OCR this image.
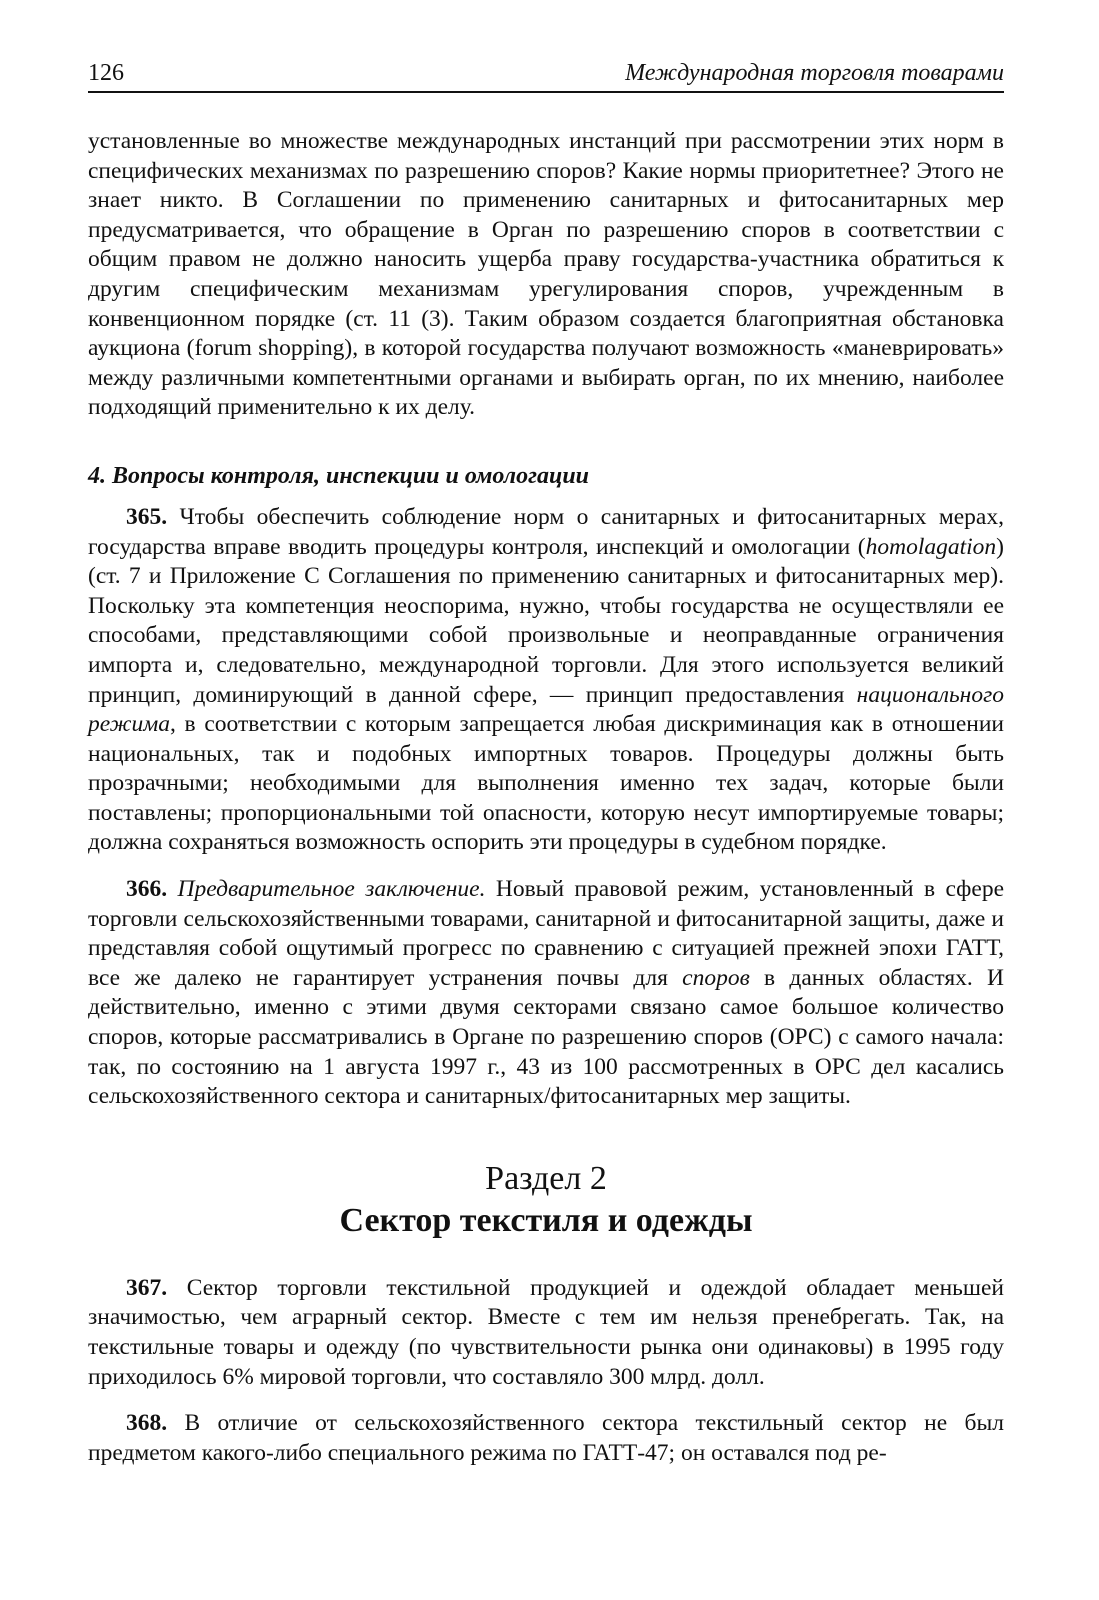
126	Международная торговля товарами

установленные во множестве международных инстанций при рассмотрении этих норм в специфических механизмах по разрешению споров? Какие нормы приоритетнее? Этого не знает никто. В Соглашении по применению санитарных и фитосанитарных мер предусматривается, что обращение в Орган по разрешению споров в соответствии с общим правом не должно наносить ущерба праву государства-участника обратиться к другим специфическим механизмам урегулирования споров, учрежденным в конвенционном порядке (ст. 11 (3). Таким образом создается благоприятная обстановка аукциона (forum shopping), в которой государства получают возможность «маневрировать» между различными компетентными органами и выбирать орган, по их мнению, наиболее подходящий применительно к их делу.

4. Вопросы контроля, инспекции и омологации

365. Чтобы обеспечить соблюдение норм о санитарных и фитосанитарных мерах, государства вправе вводить процедуры контроля, инспекций и омологации (homolagation) (ст. 7 и Приложение С Соглашения по применению санитарных и фитосанитарных мер). Поскольку эта компетенция неоспорима, нужно, чтобы государства не осуществляли ее способами, представляющими собой произвольные и неоправданные ограничения импорта и, следовательно, международной торговли. Для этого используется великий принцип, доминирующий в данной сфере, — принцип предоставления национального режима, в соответствии с которым запрещается любая дискриминация как в отношении национальных, так и подобных импортных товаров. Процедуры должны быть прозрачными; необходимыми для выполнения именно тех задач, которые были поставлены; пропорциональными той опасности, которую несут импортируемые товары; должна сохраняться возможность оспорить эти процедуры в судебном порядке.

366. Предварительное заключение. Новый правовой режим, установленный в сфере торговли сельскохозяйственными товарами, санитарной и фитосанитарной защиты, даже и представляя собой ощутимый прогресс по сравнению с ситуацией прежней эпохи ГАТТ, все же далеко не гарантирует устранения почвы для споров в данных областях. И действительно, именно с этими двумя секторами связано самое большое количество споров, которые рассматривались в Органе по разрешению споров (ОРС) с самого начала: так, по состоянию на 1 августа 1997 г., 43 из 100 рассмотренных в ОРС дел касались сельскохозяйственного сектора и санитарных/фитосанитарных мер защиты.

Раздел 2
Сектор текстиля и одежды

367. Сектор торговли текстильной продукцией и одеждой обладает меньшей значимостью, чем аграрный сектор. Вместе с тем им нельзя пренебрегать. Так, на текстильные товары и одежду (по чувствительности рынка они одинаковы) в 1995 году приходилось 6% мировой торговли, что составляло 300 млрд. долл.

368. В отличие от сельскохозяйственного сектора текстильный сектор не был предметом какого-либо специального режима по ГАТТ-47; он оставался под ре-
